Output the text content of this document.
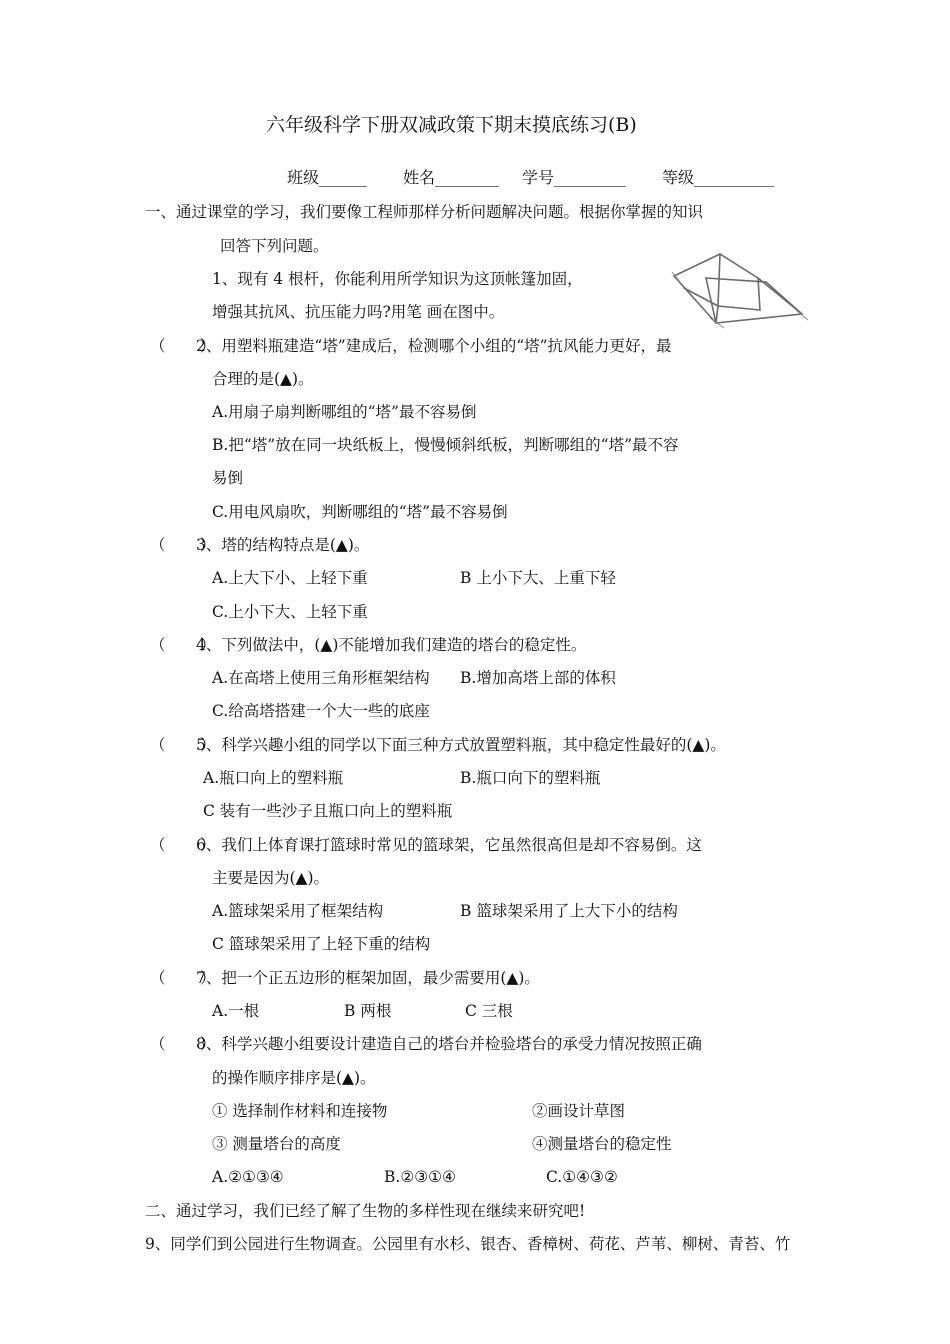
六年级科学下册双减政策下期末摸底练习(B)
班级______ 姓名________ 学号_________ 等级__________
一、通过课堂的学习，我们要像工程师那样分析问题解决问题。根据你掌握的知识
回答下列问题。
1、现有 4 根杆，你能利用所学知识为这顶帐篷加固，
增强其抗风、抗压能力吗?用笔 画在图中。
（       ）
2、用塑料瓶建造“塔”建成后，检测哪个小组的“塔”抗风能力更好，最
合理的是(▲)。
A.用扇子扇判断哪组的“塔”最不容易倒
B.把“塔”放在同一块纸板上，慢慢倾斜纸板，判断哪组的“塔”最不容
易倒
C.用电风扇吹，判断哪组的“塔”最不容易倒
（       ）
3、塔的结构特点是(▲)。
A.上大下小、上轻下重	B 上小下大、上重下轻
C.上小下大、上轻下重
（       ）
4、下列做法中，(▲)不能增加我们建造的塔台的稳定性。
A.在高塔上使用三角形框架结构 B.增加高塔上部的体积
C.给高塔搭建一个大一些的底座
（       ）
5、科学兴趣小组的同学以下面三种方式放置塑料瓶，其中稳定性最好的(▲)。
A.瓶口向上的塑料瓶	B.瓶口向下的塑料瓶
C 装有一些沙子且瓶口向上的塑料瓶
（       ）
6、我们上体育课打篮球时常见的篮球架，它虽然很高但是却不容易倒。这
主要是因为(▲)。
A.篮球架采用了框架结构	B 篮球架采用了上大下小的结构
C 篮球架采用了上轻下重的结构
（       ）
7、把一个正五边形的框架加固，最少需要用(▲)。
A.一根	B 两根	C 三根
（       ）
8、科学兴趣小组要设计建造自己的塔台并检验塔台的承受力情况按照正确
的操作顺序排序是(▲)。
① 选择制作材料和连接物	②画设计草图
③ 测量塔台的高度	④测量塔台的稳定性
A.②①③④	B.②③①④	C.①④③②
二、通过学习，我们已经了解了生物的多样性现在继续来研究吧!
9、同学们到公园进行生物调查。公园里有水杉、银杏、香樟树、荷花、芦苇、柳树、青苔、竹
